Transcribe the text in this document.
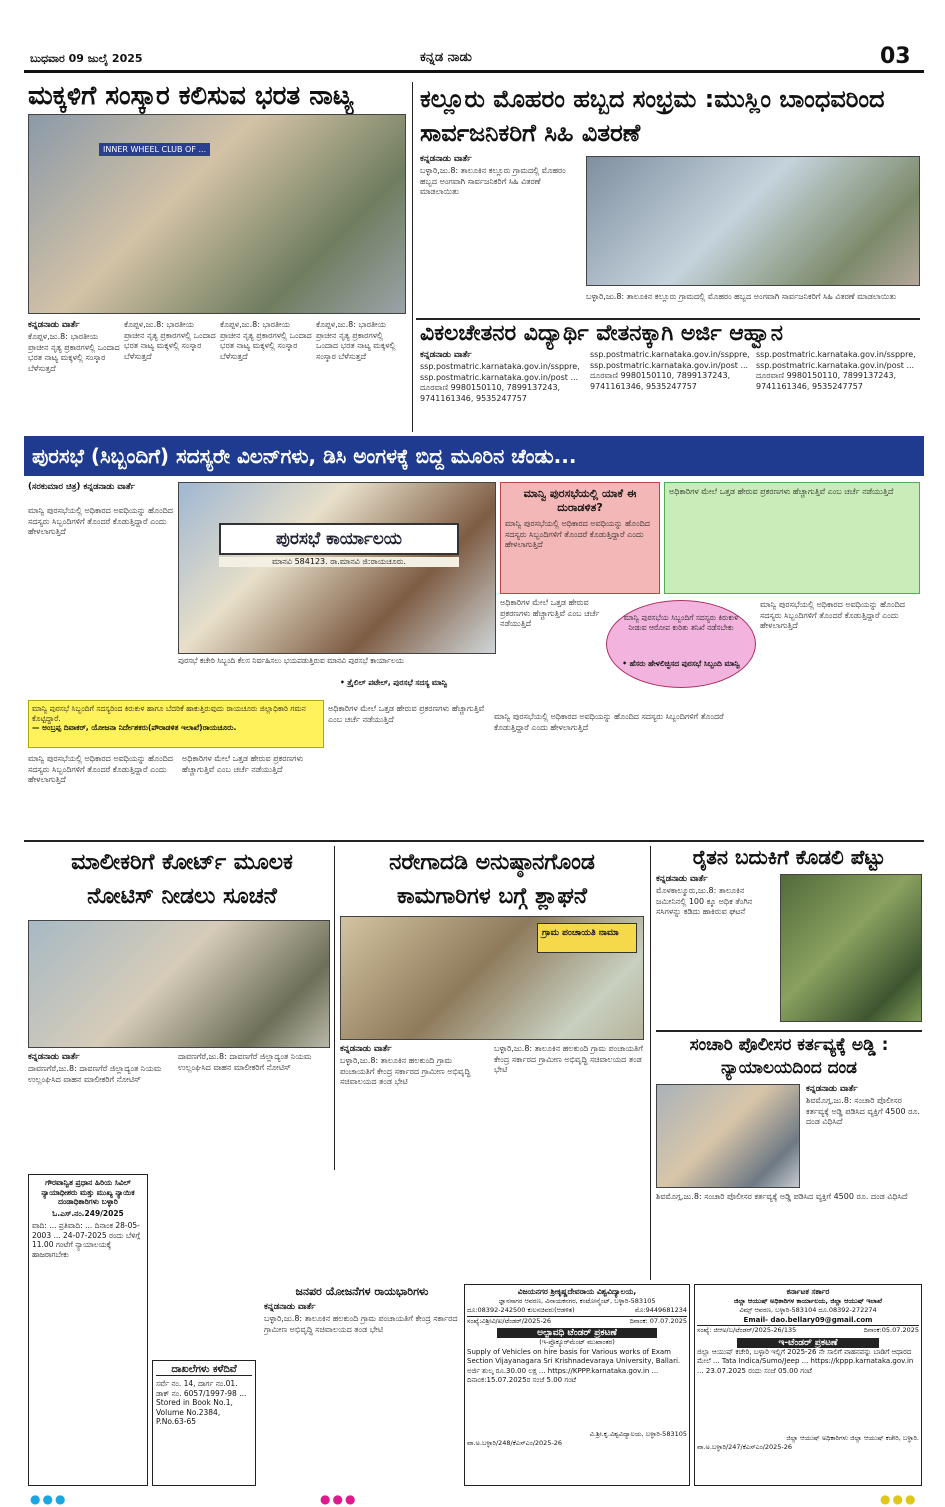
ಬುಧವಾರ 09 ಜುಲೈ 2025	ಕನ್ನಡ ನಾಡು	03
ಮಕ್ಕಳಿಗೆ ಸಂಸ್ಕಾರ ಕಲಿಸುವ ಭರತ ನಾಟ್ಯ
INNER WHEEL CLUB OF ...
ಕನ್ನಡನಾಡು ವಾರ್ತೆ
ಕೊಪ್ಪಳ,ಜು.8: ಭಾರತೀಯ ಪ್ರಾಚೀನ ನೃತ್ಯ ಪ್ರಕಾರಗಳಲ್ಲಿ ಒಂದಾದ ಭರತ ನಾಟ್ಯ ಮಕ್ಕಳಲ್ಲಿ ಸಂಸ್ಕಾರ ಬೆಳೆಸುತ್ತದೆ
ಕೊಪ್ಪಳ,ಜು.8: ಭಾರತೀಯ ಪ್ರಾಚೀನ ನೃತ್ಯ ಪ್ರಕಾರಗಳಲ್ಲಿ ಒಂದಾದ ಭರತ ನಾಟ್ಯ ಮಕ್ಕಳಲ್ಲಿ ಸಂಸ್ಕಾರ ಬೆಳೆಸುತ್ತದೆ
ಕೊಪ್ಪಳ,ಜು.8: ಭಾರತೀಯ ಪ್ರಾಚೀನ ನೃತ್ಯ ಪ್ರಕಾರಗಳಲ್ಲಿ ಒಂದಾದ ಭರತ ನಾಟ್ಯ ಮಕ್ಕಳಲ್ಲಿ ಸಂಸ್ಕಾರ ಬೆಳೆಸುತ್ತದೆ
ಕೊಪ್ಪಳ,ಜು.8: ಭಾರತೀಯ ಪ್ರಾಚೀನ ನೃತ್ಯ ಪ್ರಕಾರಗಳಲ್ಲಿ ಒಂದಾದ ಭರತ ನಾಟ್ಯ ಮಕ್ಕಳಲ್ಲಿ ಸಂಸ್ಕಾರ ಬೆಳೆಸುತ್ತದೆ
ಕಲ್ಲೂರು ಮೊಹರಂ ಹಬ್ಬದ ಸಂಭ್ರಮ :ಮುಸ್ಲಿಂ ಬಾಂಧವರಿಂದ ಸಾರ್ವಜನಿಕರಿಗೆ ಸಿಹಿ ವಿತರಣೆ
ಕನ್ನಡನಾಡು ವಾರ್ತೆ
ಬಳ್ಳಾರಿ,ಜು.8: ತಾಲೂಕಿನ ಕಲ್ಲೂರು ಗ್ರಾಮದಲ್ಲಿ ಮೊಹರಂ ಹಬ್ಬದ ಅಂಗವಾಗಿ ಸಾರ್ವಜನಿಕರಿಗೆ ಸಿಹಿ ವಿತರಣೆ ಮಾಡಲಾಯಿತು
ಬಳ್ಳಾರಿ,ಜು.8: ತಾಲೂಕಿನ ಕಲ್ಲೂರು ಗ್ರಾಮದಲ್ಲಿ ಮೊಹರಂ ಹಬ್ಬದ ಅಂಗವಾಗಿ ಸಾರ್ವಜನಿಕರಿಗೆ ಸಿಹಿ ವಿತರಣೆ ಮಾಡಲಾಯಿತು
ವಿಕಲಚೇತನರ ವಿದ್ಯಾರ್ಥಿ ವೇತನಕ್ಕಾಗಿ ಅರ್ಜಿ ಆಹ್ವಾನ
ಕನ್ನಡನಾಡು ವಾರ್ತೆ
ssp.postmatric.karnataka.gov.in/ssppre, ssp.postmatric.karnataka.gov.in/post ... ದೂರವಾಣಿ 9980150110, 7899137243, 9741161346, 9535247757
ssp.postmatric.karnataka.gov.in/ssppre, ssp.postmatric.karnataka.gov.in/post ... ದೂರವಾಣಿ 9980150110, 7899137243, 9741161346, 9535247757
ssp.postmatric.karnataka.gov.in/ssppre, ssp.postmatric.karnataka.gov.in/post ... ದೂರವಾಣಿ 9980150110, 7899137243, 9741161346, 9535247757
ಪುರಸಭೆ (ಸಿಬ್ಬಂದಿಗೆ) ಸದಸ್ಯರೇ ವಿಲನ್‌ಗಳು, ಡಿಸಿ ಅಂಗಳಕ್ಕೆ ಬಿದ್ದ ಮೂರಿನ ಚೆಂಡು...
(ಸರಕುಮಾರ ಚಿತ್ರ) ಕನ್ನಡನಾಡು ವಾರ್ತೆ
ಮಾನ್ವಿ ಪುರಸಭೆಯಲ್ಲಿ ಅಧಿಕಾರದ ಅವಧಿಯನ್ನು ಹೊಂದಿದ ಸದಸ್ಯರು ಸಿಬ್ಬಂದಿಗಳಿಗೆ ತೊಂದರೆ ಕೊಡುತ್ತಿದ್ದಾರೆ ಎಂದು ಹೇಳಲಾಗುತ್ತಿದೆ	ಪುರಸಭೆ ಕಾರ್ಯಾಲಯ
ಮಾನವಿ 584123. ರಾ.ಮಾನವಿ ಜಿ:ರಾಯಚೂರು.
ಪುರಸಭೆ ಕಚೇರಿ ಸಿಬ್ಬಂದಿ ಕೆಲಸ ನಿರ್ವಹಿಸಲು ಭಯಪಡುತ್ತಿರುವ ಮಾನವಿ ಪುರಸಭೆ ಕಾರ್ಯಾಲಯ
• ತ್ರೈಲಿಲ್ ಪಟೇಲ್, ಪುರಸಭೆ ಸದಸ್ಯ ಮಾನ್ವಿ
ಮಾನ್ವಿ ಪುರಸಭೆಯಲ್ಲಿ ಯಾಕೆ ಈ ದುರಾಡಳಿತ?
ಮಾನ್ವಿ ಪುರಸಭೆಯಲ್ಲಿ ಅಧಿಕಾರದ ಅವಧಿಯನ್ನು ಹೊಂದಿದ ಸದಸ್ಯರು ಸಿಬ್ಬಂದಿಗಳಿಗೆ ತೊಂದರೆ ಕೊಡುತ್ತಿದ್ದಾರೆ ಎಂದು ಹೇಳಲಾಗುತ್ತಿದೆ
ಅಧಿಕಾರಿಗಳ ಮೇಲೆ ಒತ್ತಡ ಹೇರುವ ಪ್ರಕರಣಗಳು ಹೆಚ್ಚಾಗುತ್ತಿವೆ ಎಂಬ ಚರ್ಚೆ ನಡೆಯುತ್ತಿದೆ
ಅಧಿಕಾರಿಗಳ ಮೇಲೆ ಒತ್ತಡ ಹೇರುವ ಪ್ರಕರಣಗಳು ಹೆಚ್ಚಾಗುತ್ತಿವೆ ಎಂಬ ಚರ್ಚೆ ನಡೆಯುತ್ತಿದೆ
ಮಾನ್ವಿ ಪುರಸಭೆಯ ಸಿಬ್ಬಂದಿಗೆ ಸದಸ್ಯರು ಕಿರುಕುಳ ನೀಡುವ ಆರೋಪ ಕುರಿತು ತನಿಖೆ ನಡೆಸಬೇಕು
• ಹೆಸರು ಹೇಳಲಿಚ್ಛಿಸದ ಪುರಸಭೆ ಸಿಬ್ಬಂದಿ ಮಾನ್ವಿ
ಮಾನ್ವಿ ಪುರಸಭೆಯಲ್ಲಿ ಅಧಿಕಾರದ ಅವಧಿಯನ್ನು ಹೊಂದಿದ ಸದಸ್ಯರು ಸಿಬ್ಬಂದಿಗಳಿಗೆ ತೊಂದರೆ ಕೊಡುತ್ತಿದ್ದಾರೆ ಎಂದು ಹೇಳಲಾಗುತ್ತಿದೆ
ಮಾನ್ವಿ ಪುರಸಭೆ ಸಿಬ್ಬಂದಿಗೆ ಸದಸ್ಯರಿಂದ ಕಿರುಕುಳ ಹಾಗೂ ಬೆದರಿಕೆ ಹಾಕುತ್ತಿರುವುದು ರಾಯಚೂರು ಜಿಲ್ಲಾಧಿಕಾರಿ ಗಮನ ಕೊಟ್ಟಿದ್ದಾರೆ.
— ಅಂಬ್ರಪ್ಪ ದಿವಾಕರ್, ಯೋಜನಾ ನಿರ್ದೇಶಕರು(ಪೌರಾಡಳಿತ ಇಲಾಖೆ)ರಾಯಚೂರು.
ಅಧಿಕಾರಿಗಳ ಮೇಲೆ ಒತ್ತಡ ಹೇರುವ ಪ್ರಕರಣಗಳು ಹೆಚ್ಚಾಗುತ್ತಿವೆ ಎಂಬ ಚರ್ಚೆ ನಡೆಯುತ್ತಿದೆ	ಮಾನ್ವಿ ಪುರಸಭೆಯಲ್ಲಿ ಅಧಿಕಾರದ ಅವಧಿಯನ್ನು ಹೊಂದಿದ ಸದಸ್ಯರು ಸಿಬ್ಬಂದಿಗಳಿಗೆ ತೊಂದರೆ ಕೊಡುತ್ತಿದ್ದಾರೆ ಎಂದು ಹೇಳಲಾಗುತ್ತಿದೆ
ಮಾನ್ವಿ ಪುರಸಭೆಯಲ್ಲಿ ಅಧಿಕಾರದ ಅವಧಿಯನ್ನು ಹೊಂದಿದ ಸದಸ್ಯರು ಸಿಬ್ಬಂದಿಗಳಿಗೆ ತೊಂದರೆ ಕೊಡುತ್ತಿದ್ದಾರೆ ಎಂದು ಹೇಳಲಾಗುತ್ತಿದೆ
ಅಧಿಕಾರಿಗಳ ಮೇಲೆ ಒತ್ತಡ ಹೇರುವ ಪ್ರಕರಣಗಳು ಹೆಚ್ಚಾಗುತ್ತಿವೆ ಎಂಬ ಚರ್ಚೆ ನಡೆಯುತ್ತಿದೆ
ಮಾಲೀಕರಿಗೆ ಕೋರ್ಟ್ ಮೂಲಕ ನೋಟಿಸ್ ನೀಡಲು ಸೂಚನೆ
ಕನ್ನಡನಾಡು ವಾರ್ತೆ
ದಾವಣಗೆರೆ,ಜು.8: ದಾವಣಗೆರೆ ಜಿಲ್ಲಾದ್ಯಂತ ನಿಯಮ ಉಲ್ಲಂಘಿಸಿದ ವಾಹನ ಮಾಲೀಕರಿಗೆ ನೋಟಿಸ್
ದಾವಣಗೆರೆ,ಜು.8: ದಾವಣಗೆರೆ ಜಿಲ್ಲಾದ್ಯಂತ ನಿಯಮ ಉಲ್ಲಂಘಿಸಿದ ವಾಹನ ಮಾಲೀಕರಿಗೆ ನೋಟಿಸ್
ನರೇಗಾದಡಿ ಅನುಷ್ಠಾನಗೊಂಡ ಕಾಮಗಾರಿಗಳ ಬಗ್ಗೆ ಶ್ಲಾಘನೆ
ಗ್ರಾಮ ಪಂಚಾಯತಿ ನಾಮಾ
ಕನ್ನಡನಾಡು ವಾರ್ತೆ
ಬಳ್ಳಾರಿ,ಜು.8: ತಾಲೂಕಿನ ಹಲಕುಂದಿ ಗ್ರಾಮ ಪಂಚಾಯತಿಗೆ ಕೇಂದ್ರ ಸರ್ಕಾರದ ಗ್ರಾಮೀಣ ಅಭಿವೃದ್ಧಿ ಸಚಿವಾಲಯದ ತಂಡ ಭೇಟಿ
ಬಳ್ಳಾರಿ,ಜು.8: ತಾಲೂಕಿನ ಹಲಕುಂದಿ ಗ್ರಾಮ ಪಂಚಾಯತಿಗೆ ಕೇಂದ್ರ ಸರ್ಕಾರದ ಗ್ರಾಮೀಣ ಅಭಿವೃದ್ಧಿ ಸಚಿವಾಲಯದ ತಂಡ ಭೇಟಿ
ರೈತನ ಬದುಕಿಗೆ ಕೊಡಲಿ ಪೆಟ್ಟು
ಕನ್ನಡನಾಡು ವಾರ್ತೆ
ಮೊಳಕಾಲ್ಮೂರು,ಜು.8: ತಾಲೂಕಿನ ಜಮೀನಿನಲ್ಲಿ 100 ಕ್ಕೂ ಅಧಿಕ ತೆಂಗಿನ ಸಸಿಗಳನ್ನು ಕಡಿದು ಹಾಕಿರುವ ಘಟನೆ
ಸಂಚಾರಿ ಪೊಲೀಸರ ಕರ್ತವ್ಯಕ್ಕೆ ಅಡ್ಡಿ : ನ್ಯಾಯಾಲಯದಿಂದ ದಂಡ
ಕನ್ನಡನಾಡು ವಾರ್ತೆ
ಶಿವಮೊಗ್ಗ,ಜು.8: ಸಂಚಾರಿ ಪೊಲೀಸರ ಕರ್ತವ್ಯಕ್ಕೆ ಅಡ್ಡಿ ಪಡಿಸಿದ ವ್ಯಕ್ತಿಗೆ 4500 ರೂ. ದಂಡ ವಿಧಿಸಿದೆ
ಶಿವಮೊಗ್ಗ,ಜು.8: ಸಂಚಾರಿ ಪೊಲೀಸರ ಕರ್ತವ್ಯಕ್ಕೆ ಅಡ್ಡಿ ಪಡಿಸಿದ ವ್ಯಕ್ತಿಗೆ 4500 ರೂ. ದಂಡ ವಿಧಿಸಿದೆ
ಗೌರವಾನ್ವಿತ ಪ್ರಧಾನ ಹಿರಿಯ ಸಿವಿಲ್ ನ್ಯಾಯಾಧೀಶರು ಮತ್ತು ಮುಖ್ಯ ನ್ಯಾಯಿಕ ದಂಡಾಧಿಕಾರಿಗಳು ಬಳ್ಳಾರಿ
ಓ.ಎಸ್.ನಂ.249/2025
ವಾದಿ: ... ಪ್ರತಿವಾದಿ: ... ದಿನಾಂಕ 28-05-2003 ... 24-07-2025 ರಂದು ಬೆಳಿಗ್ಗೆ 11.00 ಗಂಟೆಗೆ ನ್ಯಾಯಾಲಯಕ್ಕೆ ಹಾಜರಾಗಬೇಕು
ದಾಖಲೆಗಳು ಕಳೆದಿವೆ
ಸರ್ವೆ ನಂ. 14, ದಾರ್ಗ ನಂ.01. ಡಾಕ್ ನಂ. 6057/1997-98 ... Stored in Book No.1, Volume No.2384, P.No.63-65
ಜನಪರ ಯೋಜನೆಗಳ ರಾಯಭಾರಿಗಳು
ಕನ್ನಡನಾಡು ವಾರ್ತೆ
ಬಳ್ಳಾರಿ,ಜು.8: ತಾಲೂಕಿನ ಹಲಕುಂದಿ ಗ್ರಾಮ ಪಂಚಾಯತಿಗೆ ಕೇಂದ್ರ ಸರ್ಕಾರದ ಗ್ರಾಮೀಣ ಅಭಿವೃದ್ಧಿ ಸಚಿವಾಲಯದ ತಂಡ ಭೇಟಿ
ವಿಜಯನಗರ ಶ್ರೀಕೃಷ್ಣದೇವರಾಯ ವಿಶ್ವವಿದ್ಯಾಲಯ,
ಜ್ಞಾನಸಾಗರ ಆವರಣ, ವಿನಾಯಕನಗರ, ಕಂಟೋನ್ಮೆಂಟ್, ಬಳ್ಳಾರಿ-583105
ದೂ:08392-242500 ಕುಲಸಚಿವರು(ಆಡಳಿತ)	ಮೊ:9449681234
ಸಂಖ್ಯೆ:ವಿಶ್ರೀವಿ/ಖ/ಟೆಂಡರ್/2025-26	ದಿನಾಂಕ: 07.07.2025
ಅಲ್ಪಾವಧಿ ಟೆಂಡರ್ ಪ್ರಕಟಣೆ
(ಇ-ಪ್ರೊಕ್ಯೂರ್‌ಮೆಂಟ್ ಮುಖಾಂತರ)
Supply of Vehicles on hire basis for Various works of Exam Section Vijayanagara Sri Krishnadevaraya University, Ballari. ಅರ್ಜಿ ಶುಲ್ಕ ರೂ.30.00 ಲಕ್ಷ ... https://KPPP.karnataka.gov.in ... ದಿನಾಂಕ:15.07.2025ರ ಸಂಜೆ 5.00 ಗಂಟೆ
ವಿ.ಶ್ರೀ.ಕೃ.ವಿಶ್ವವಿದ್ಯಾಲಯ, ಬಳ್ಳಾರಿ-583105
ವಾ.ಅ.ಬಳ್ಳಾರಿ/248/ಕೆಎಸ್‌ಎಂ/2025-26
ಕರ್ನಾಟಕ ಸರ್ಕಾರ
ಜಿಲ್ಲಾ ಆಯುಷ್ ಅಧಿಕಾರಿಗಳ ಕಾರ್ಯಾಲಯ, ಜಿಲ್ಲಾ ಆಯುಷ್ ಇಲಾಖೆ
ವಿಮ್ಸ್ ಆವರಣ, ಬಳ್ಳಾರಿ-583104 ದೂ.08392-272274
Email- dao.bellary09@gmail.com
ಸಂಖ್ಯೆ: ಜಿಆಅ/ಬ/ಟೆಂಡರ್/2025-26/135	ದಿನಾಂಕ:05.07.2025
ಇ-ಟೆಂಡರ್ ಪ್ರಕಟಣೆ
ಜಿಲ್ಲಾ ಆಯುಷ್ ಕಚೇರಿ, ಬಳ್ಳಾರಿ ಇಲ್ಲಿಗೆ 2025-26 ನೇ ಸಾಲಿಗೆ ವಾಹನವನ್ನು ಬಾಡಿಗೆ ಆಧಾರದ ಮೇಲೆ ... Tata Indica/Sumo/Jeep ... https://kppp.karnataka.gov.in ... 23.07.2025 ರಂದು ಸಂಜೆ 05.00 ಗಂಟೆ
ಜಿಲ್ಲಾ ಆಯುಷ್ ಅಧಿಕಾರಿಗಳು ಜಿಲ್ಲಾ ಆಯುಷ್ ಕಚೇರಿ, ಬಳ್ಳಾರಿ.
ವಾ.ಅ.ಬಳ್ಳಾರಿ/247/ಕೆಎಸ್‌ಎಂ/2025-26
●●●	●●●	●●●
